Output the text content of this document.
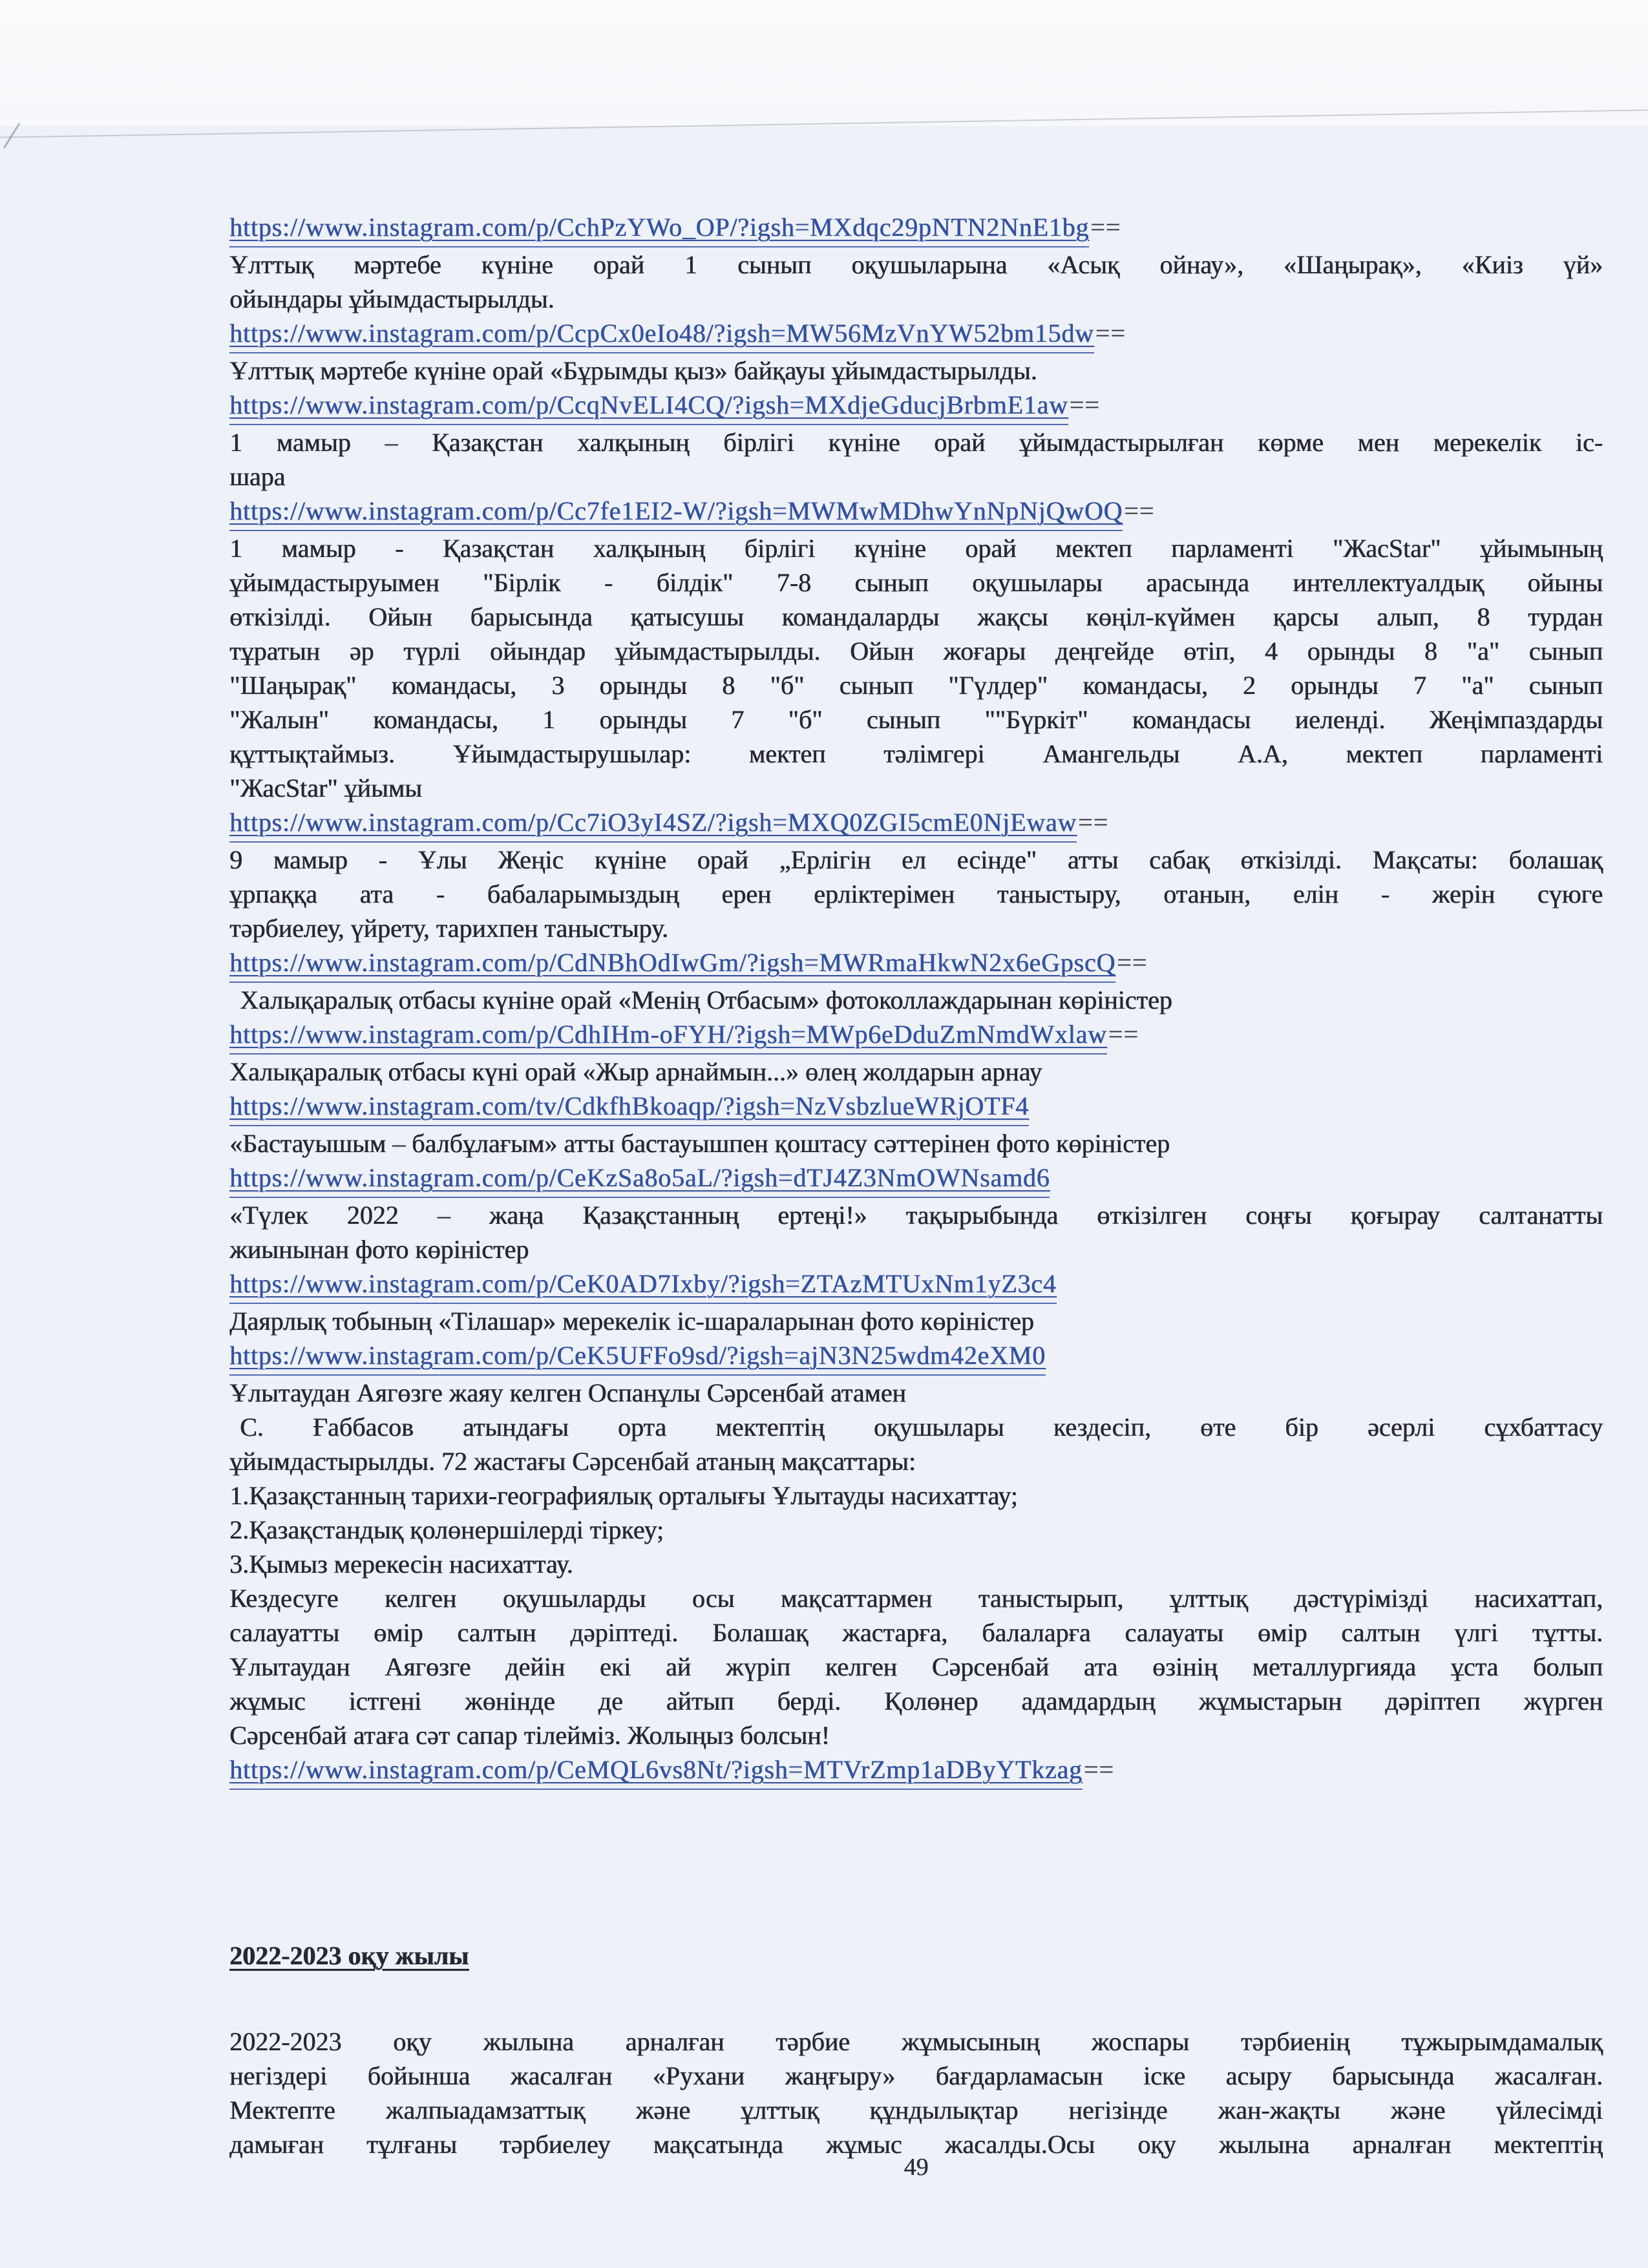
https://www.instagram.com/p/CchPzYWo_OP/?igsh=MXdqc29pNTN2NnE1bg==
Ұлттық мәртебе күніне орай 1 сынып оқушыларына «Асық ойнау», «Шаңырақ», «Киіз үй»
ойындары ұйымдастырылды.
https://www.instagram.com/p/CcpCx0eIo48/?igsh=MW56MzVnYW52bm15dw==
Ұлттық мәртебе күніне орай «Бұрымды қыз» байқауы ұйымдастырылды.
https://www.instagram.com/p/CcqNvELI4CQ/?igsh=MXdjeGducjBrbmE1aw==
1 мамыр – Қазақстан халқының бірлігі күніне орай ұйымдастырылған көрме мен мерекелік іс-
шара
https://www.instagram.com/p/Cc7fe1EI2-W/?igsh=MWMwMDhwYnNpNjQwOQ==
1 мамыр - Қазақстан халқының бірлігі күніне орай мектеп парламенті "ЖасStar" ұйымының
ұйымдастыруымен "Бірлік - білдік" 7-8 сынып оқушылары арасында интеллектуалдық ойыны
өткізілді. Ойын барысында қатысушы командаларды жақсы көңіл-күймен қарсы алып, 8 турдан
тұратын әр түрлі ойындар ұйымдастырылды. Ойын жоғары деңгейде өтіп, 4 орынды 8 "а" сынып
"Шаңырақ" командасы, 3 орынды 8 "б" сынып "Гүлдер" командасы, 2 орынды 7 "а" сынып
"Жалын" командасы, 1 орынды 7 "б" сынып ""Бүркіт" командасы иеленді. Жеңімпаздарды
құттықтаймыз. Ұйымдастырушылар: мектеп тәлімгері Амангельды А.А, мектеп парламенті
"ЖасStar" ұйымы
https://www.instagram.com/p/Cc7iO3yI4SZ/?igsh=MXQ0ZGI5cmE0NjEwaw==
9 мамыр - Ұлы Жеңіс күніне орай „Ерлігін ел есінде" атты сабақ өткізілді. Мақсаты: болашақ
ұрпаққа ата - бабаларымыздың ерен ерліктерімен таныстыру, отанын, елін - жерін сүюге
тәрбиелеу, үйрету, тарихпен таныстыру.
https://www.instagram.com/p/CdNBhOdIwGm/?igsh=MWRmaHkwN2x6eGpscQ==
Халықаралық отбасы күніне орай «Менің Отбасым» фотоколлаждарынан көріністер
https://www.instagram.com/p/CdhIHm-oFYH/?igsh=MWp6eDduZmNmdWxlaw==
Халықаралық отбасы күні орай «Жыр арнаймын...» өлең жолдарын арнау
https://www.instagram.com/tv/CdkfhBkoaqp/?igsh=NzVsbzlueWRjOTF4
«Бастауышым – балбұлағым» атты бастауышпен қоштасу сәттерінен фото көріністер
https://www.instagram.com/p/CeKzSa8o5aL/?igsh=dTJ4Z3NmOWNsamd6
«Түлек 2022 – жаңа Қазақстанның ертеңі!» тақырыбында өткізілген соңғы қоғырау салтанатты
жиынынан фото көріністер
https://www.instagram.com/p/CeK0AD7Ixby/?igsh=ZTAzMTUxNm1yZ3c4
Даярлық тобының «Тілашар» мерекелік іс-шараларынан фото көріністер
https://www.instagram.com/p/CeK5UFFo9sd/?igsh=ajN3N25wdm42eXM0
Ұлытаудан Аягөзге жаяу келген Оспанұлы Сәрсенбай атамен
С. Ғаббасов атындағы орта мектептің оқушылары кездесіп, өте бір әсерлі сұхбаттасу
ұйымдастырылды. 72 жастағы Сәрсенбай атаның мақсаттары:
1.Қазақстанның тарихи-географиялық орталығы Ұлытауды насихаттау;
2.Қазақстандық қолөнершілерді тіркеу;
3.Қымыз мерекесін насихаттау.
Кездесуге келген оқушыларды осы мақсаттармен таныстырып, ұлттық дәстүрімізді насихаттап,
салауатты өмір салтын дәріптеді. Болашақ жастарға, балаларға салауаты өмір салтын үлгі тұтты.
Ұлытаудан Аягөзге дейін екі ай жүріп келген Сәрсенбай ата өзінің металлургияда ұста болып
жұмыс істгені жөнінде де айтып берді. Қолөнер адамдардың жұмыстарын дәріптеп жүрген
Сәрсенбай атаға сәт сапар тілейміз. Жолыңыз болсын!
https://www.instagram.com/p/CeMQL6vs8Nt/?igsh=MTVrZmp1aDByYTkzag==
2022-2023 оқу жылы
2022-2023 оқу жылына арналған тәрбие жұмысының жоспары тәрбиенің тұжырымдамалық
негіздері бойынша жасалған «Рухани жаңғыру» бағдарламасын іске асыру барысында жасалған.
Мектепте жалпыадамзаттық және ұлттық құндылықтар негізінде жан-жақты және үйлесімді
дамыған тұлғаны тәрбиелеу мақсатында жұмыс жасалды.Осы оқу жылына арналған мектептің
49
